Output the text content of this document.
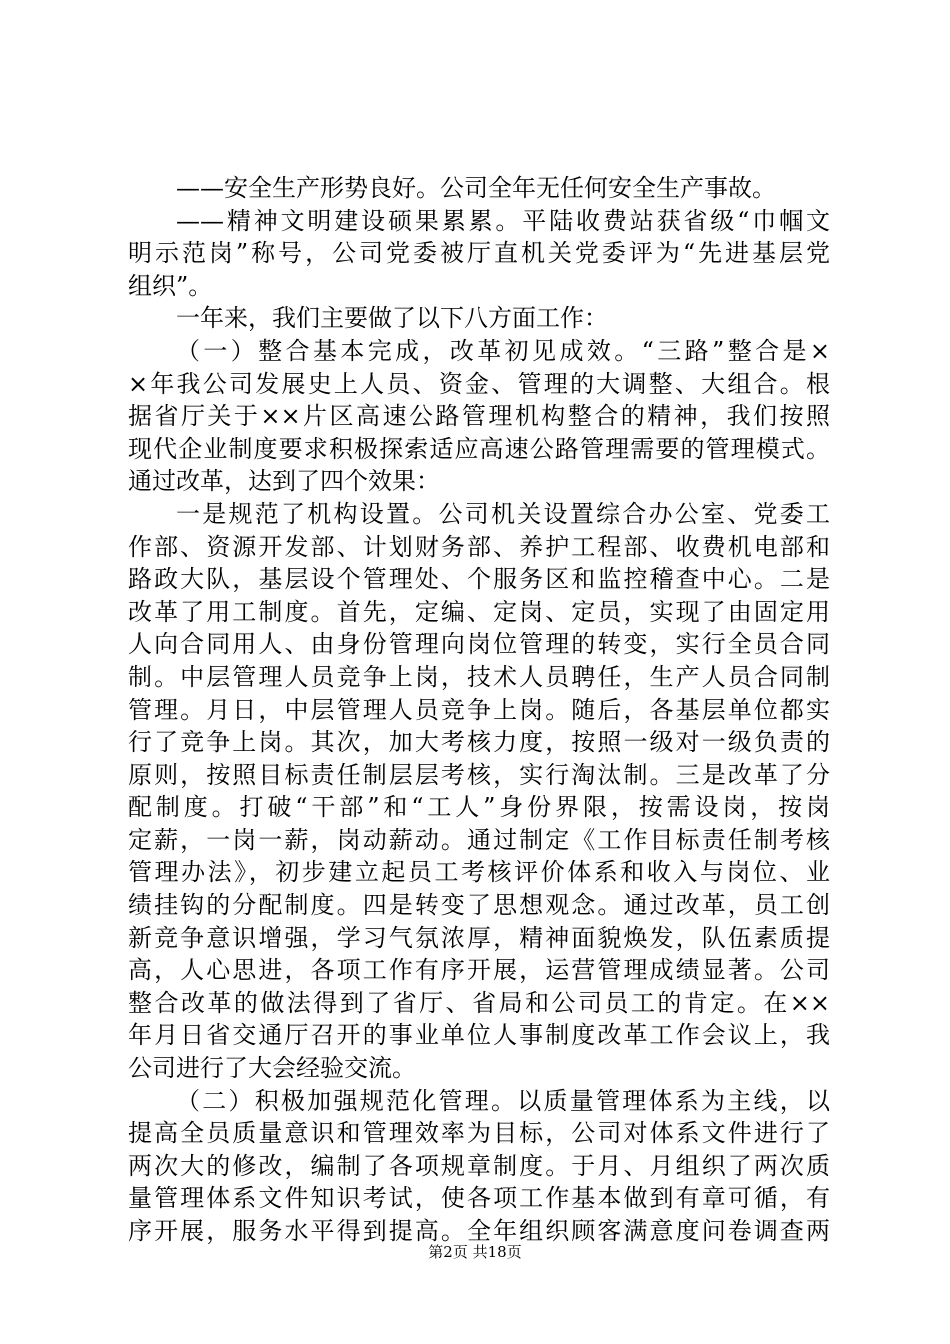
——安全生产形势良好。公司全年无任何安全生产事故。
——精神文明建设硕果累累。平陆收费站获省级“巾帼文
明示范岗”称号，公司党委被厅直机关党委评为“先进基层党
组织”。
一年来，我们主要做了以下八方面工作：
（一）整合基本完成，改革初见成效。“三路”整合是×
×年我公司发展史上人员、资金、管理的大调整、大组合。根
据省厅关于××片区高速公路管理机构整合的精神，我们按照
现代企业制度要求积极探索适应高速公路管理需要的管理模式。
通过改革，达到了四个效果：
一是规范了机构设置。公司机关设置综合办公室、党委工
作部、资源开发部、计划财务部、养护工程部、收费机电部和
路政大队，基层设个管理处、个服务区和监控稽查中心。二是
改革了用工制度。首先，定编、定岗、定员，实现了由固定用
人向合同用人、由身份管理向岗位管理的转变，实行全员合同
制。中层管理人员竞争上岗，技术人员聘任，生产人员合同制
管理。月日，中层管理人员竞争上岗。随后，各基层单位都实
行了竞争上岗。其次，加大考核力度，按照一级对一级负责的
原则，按照目标责任制层层考核，实行淘汰制。三是改革了分
配制度。打破“干部”和“工人”身份界限，按需设岗，按岗
定薪，一岗一薪，岗动薪动。通过制定《工作目标责任制考核
管理办法》，初步建立起员工考核评价体系和收入与岗位、业
绩挂钩的分配制度。四是转变了思想观念。通过改革，员工创
新竞争意识增强，学习气氛浓厚，精神面貌焕发，队伍素质提
高，人心思进，各项工作有序开展，运营管理成绩显著。公司
整合改革的做法得到了省厅、省局和公司员工的肯定。在××
年月日省交通厅召开的事业单位人事制度改革工作会议上，我
公司进行了大会经验交流。
（二）积极加强规范化管理。以质量管理体系为主线，以
提高全员质量意识和管理效率为目标，公司对体系文件进行了
两次大的修改，编制了各项规章制度。于月、月组织了两次质
量管理体系文件知识考试，使各项工作基本做到有章可循，有
序开展，服务水平得到提高。全年组织顾客满意度问卷调查两
第2页 共18页
